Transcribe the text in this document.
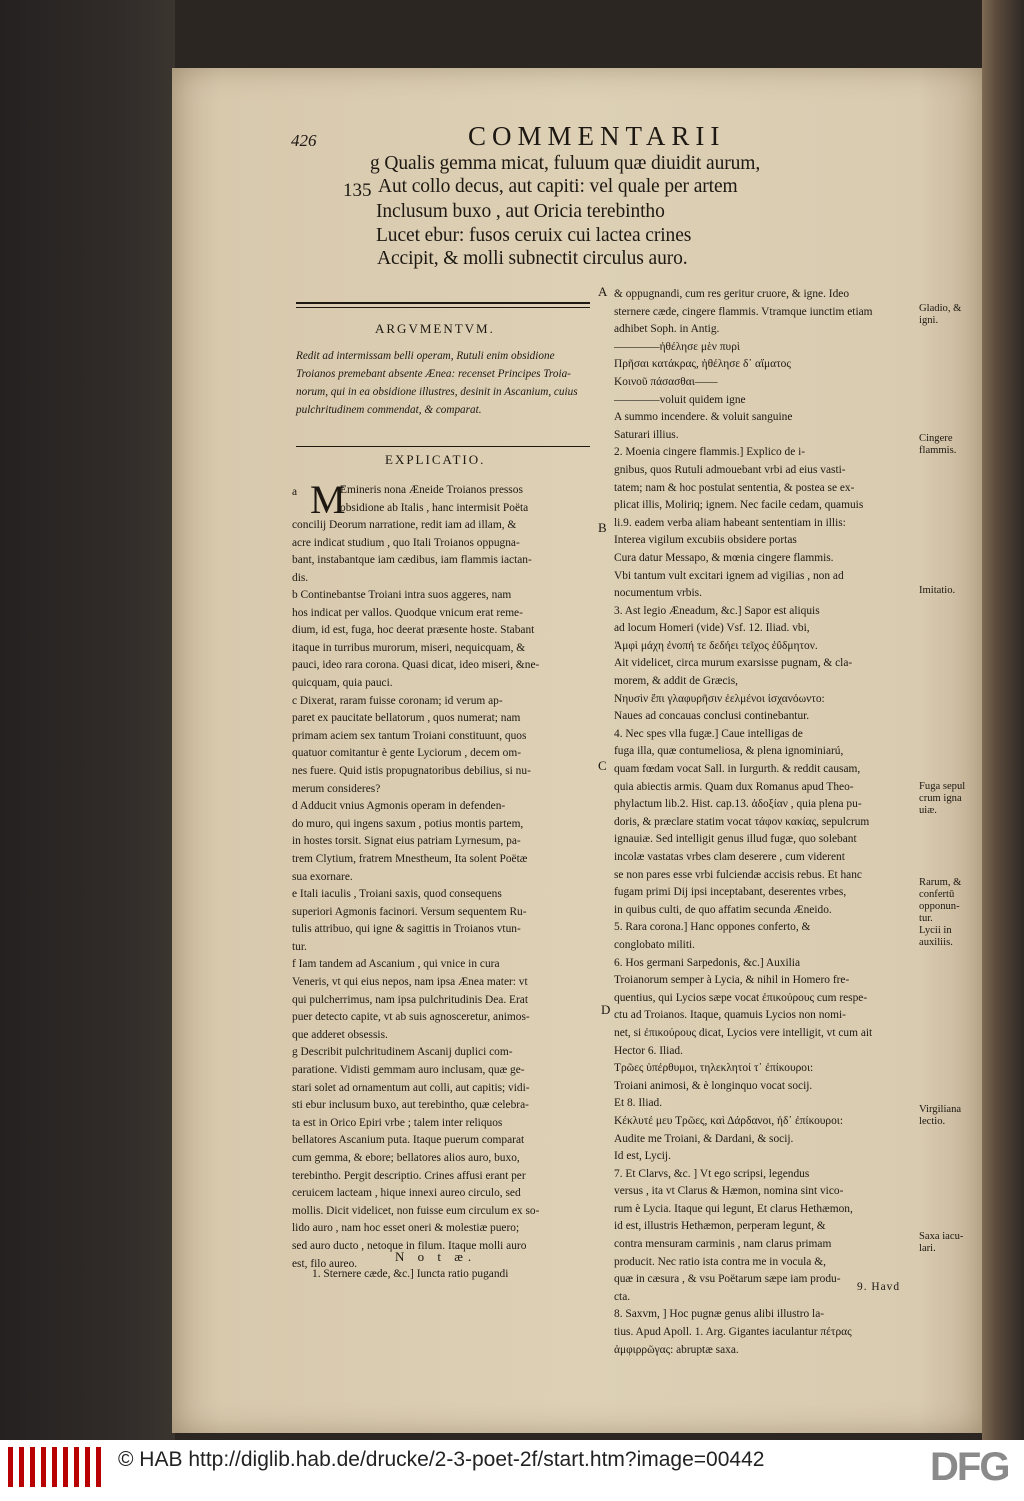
426	COMMENTARII
135
g Qualis gemma micat, fuluum quæ diuidit aurum,
Aut collo decus, aut capiti: vel quale per artem
Inclusum buxo , aut Oricia terebintho
Lucet ebur: fusos ceruix cui lactea crines
Accipit, & molli subnectit circulus auro.
ARGVMENTVM.
Redit ad intermissam belli operam, Rutuli enim obsidione
Troianos premebant absente Ænea: recenset Principes Troia-
norum, qui in ea obsidione illustres, desinit in Ascanium, cuius
pulchritudinem commendat, & comparat.
EXPLICATIO.
a M
Emineris nona Æneide Troianos pressos
obsidione ab Italis , hanc intermisit Poëta
concilij Deorum narratione, redit iam ad illam, &
acre indicat studium , quo Itali Troianos oppugna-
bant, instabantque iam cædibus, iam flammis iactan-
dis.
b Continebantse Troiani intra suos aggeres, nam
hos indicat per vallos. Quodque vnicum erat reme-
dium, id est, fuga, hoc deerat præsente hoste. Stabant
itaque in turribus murorum, miseri, nequicquam, &
pauci, ideo rara corona. Quasi dicat, ideo miseri, &ne-
quicquam, quia pauci.
c Dixerat, raram fuisse coronam; id verum ap-
paret ex paucitate bellatorum , quos numerat; nam
primam aciem sex tantum Troiani constituunt, quos
quatuor comitantur è gente Lyciorum , decem om-
nes fuere. Quid istis propugnatoribus debilius, si nu-
merum consideres?
d Adducit vnius Agmonis operam in defenden-
do muro, qui ingens saxum , potius montis partem,
in hostes torsit. Signat eius patriam Lyrnesum, pa-
trem Clytium, fratrem Mnestheum, Ita solent Poëtæ
sua exornare.
e Itali iaculis , Troiani saxis, quod consequens
superiori Agmonis facinori. Versum sequentem Ru-
tulis attribuo, qui igne & sagittis in Troianos vtun-
tur.
f Iam tandem ad Ascanium , qui vnice in cura
Veneris, vt qui eius nepos, nam ipsa Ænea mater: vt
qui pulcherrimus, nam ipsa pulchritudinis Dea. Erat
puer detecto capite, vt ab suis agnosceretur, animos-
que adderet obsessis.
g Describit pulchritudinem Ascanij duplici com-
paratione. Vidisti gemmam auro inclusam, quæ ge-
stari solet ad ornamentum aut colli, aut capitis; vidi-
sti ebur inclusum buxo, aut terebintho, quæ celebra-
ta est in Orico Epiri vrbe ; talem inter reliquos
bellatores Ascanium puta. Itaque puerum comparat
cum gemma, & ebore; bellatores alios auro, buxo,
terebintho. Pergit descriptio. Crines affusi erant per
ceruicem lacteam , hique innexi aureo circulo, sed
mollis. Dicit videlicet, non fuisse eum circulum ex so-
lido auro , nam hoc esset oneri & molestiæ puero;
sed auro ducto , netoque in filum. Itaque molli auro
est, filo aureo.
A
B
C
D
& oppugnandi, cum res geritur cruore, & igne. Ideo
sternere cæde, cingere flammis. Vtramque iunctim etiam
adhibet Soph. in Antig.
————ἠθέλησε μὲν πυρὶ
Πρῆσαι κατάκρας, ἠθέλησε δ᾽ αἵματος
Κοινοῦ πάσασθαι——
————voluit quidem igne
A summo incendere. & voluit sanguine
Saturari illius.
2. Moenia cingere flammis.] Explico de i-
gnibus, quos Rutuli admouebant vrbi ad eius vasti-
tatem; nam & hoc postulat sententia, & postea se ex-
plicat illis, Moliriq; ignem. Nec facile cedam, quamuis
li.9. eadem verba aliam habeant sententiam in illis:
Interea vigilum excubiis obsidere portas
Cura datur Messapo, & mœnia cingere flammis.
Vbi tantum vult excitari ignem ad vigilias , non ad
nocumentum vrbis.
3. Ast legio Æneadum, &c.] Sapor est aliquis
ad locum Homeri (vide) Vsf. 12. Iliad. vbi,
Ἀμφὶ μάχη ἐνοπή τε δεδήει τεῖχος ἐΰδμητον.
Ait videlicet, circa murum exarsisse pugnam, & cla-
morem, & addit de Græcis,
Νηυσὶν ἔπι γλαφυρῆσιν ἐελμένοι ἰσχανόωντο:
Naues ad concauas conclusi continebantur.
4. Nec spes vlla fugæ.] Caue intelligas de
fuga illa, quæ contumeliosa, & plena ignominiarú,
quam fœdam vocat Sall. in Iurgurth. & reddit causam,
quia abiectis armis. Quam dux Romanus apud Theo-
phylactum lib.2. Hist. cap.13. ἀδοξίαν , quia plena pu-
doris, & præclare statim vocat τάφον κακίας, sepulcrum
ignauiæ. Sed intelligit genus illud fugæ, quo solebant
incolæ vastatas vrbes clam deserere , cum viderent
se non pares esse vrbi fulciendæ accisis rebus. Et hanc
fugam primi Dij ipsi inceptabant, deserentes vrbes,
in quibus culti, de quo affatim secunda Æneido.
5. Rara corona.] Hanc oppones conferto, &
conglobato militi.
6. Hos germani Sarpedonis, &c.] Auxilia
Troianorum semper à Lycia, & nihil in Homero fre-
quentius, qui Lycios sæpe vocat ἐπικούρους cum respe-
ctu ad Troianos. Itaque, quamuis Lycios non nomi-
net, si ἐπικούρους dicat, Lycios vere intelligit, vt cum ait
Hector 6. Iliad.
Τρῶες ὑπέρθυμοι, τηλεκλητοί τ᾽ ἐπίκουροι:
Troiani animosi, & è longinquo vocat socij.
Et 8. Iliad.
Κέκλυτέ μευ Τρῶες, καὶ Δάρδανοι, ἠδ᾽ ἐπίκουροι:
Audite me Troiani, & Dardani, & socij.
Id est, Lycij.
7. Et Clarvs, &c. ] Vt ego scripsi, legendus
versus , ita vt Clarus & Hæmon, nomina sint vico-
rum è Lycia. Itaque qui legunt, Et clarus Hethæmon,
id est, illustris Hethæmon, perperam legunt, &
contra mensuram carminis , nam clarus primam
producit. Nec ratio ista contra me in vocula &,
quæ in cæsura , & vsu Poëtarum sæpe iam produ-
cta.
8. Saxvm, ] Hoc pugnæ genus alibi illustro la-
tius. Apud Apoll. 1. Arg. Gigantes iaculantur πέτρας
ἀμφιρρῶγας: abruptæ saxa.
Gladio, &
igni.
Cingere
flammis.
Imitatio.
Fuga sepul
crum igna
uiæ.
Rarum, &
confertū
opponun-
tur.
Lycii in
auxiliis.
Virgiliana
lectio.
Saxa iacu-
lari.
N o t æ.
1. Sternere cæde, &c.] Iuncta ratio pugandi
9. Havd
© HAB http://diglib.hab.de/drucke/2-3-poet-2f/start.htm?image=00442	DFG
